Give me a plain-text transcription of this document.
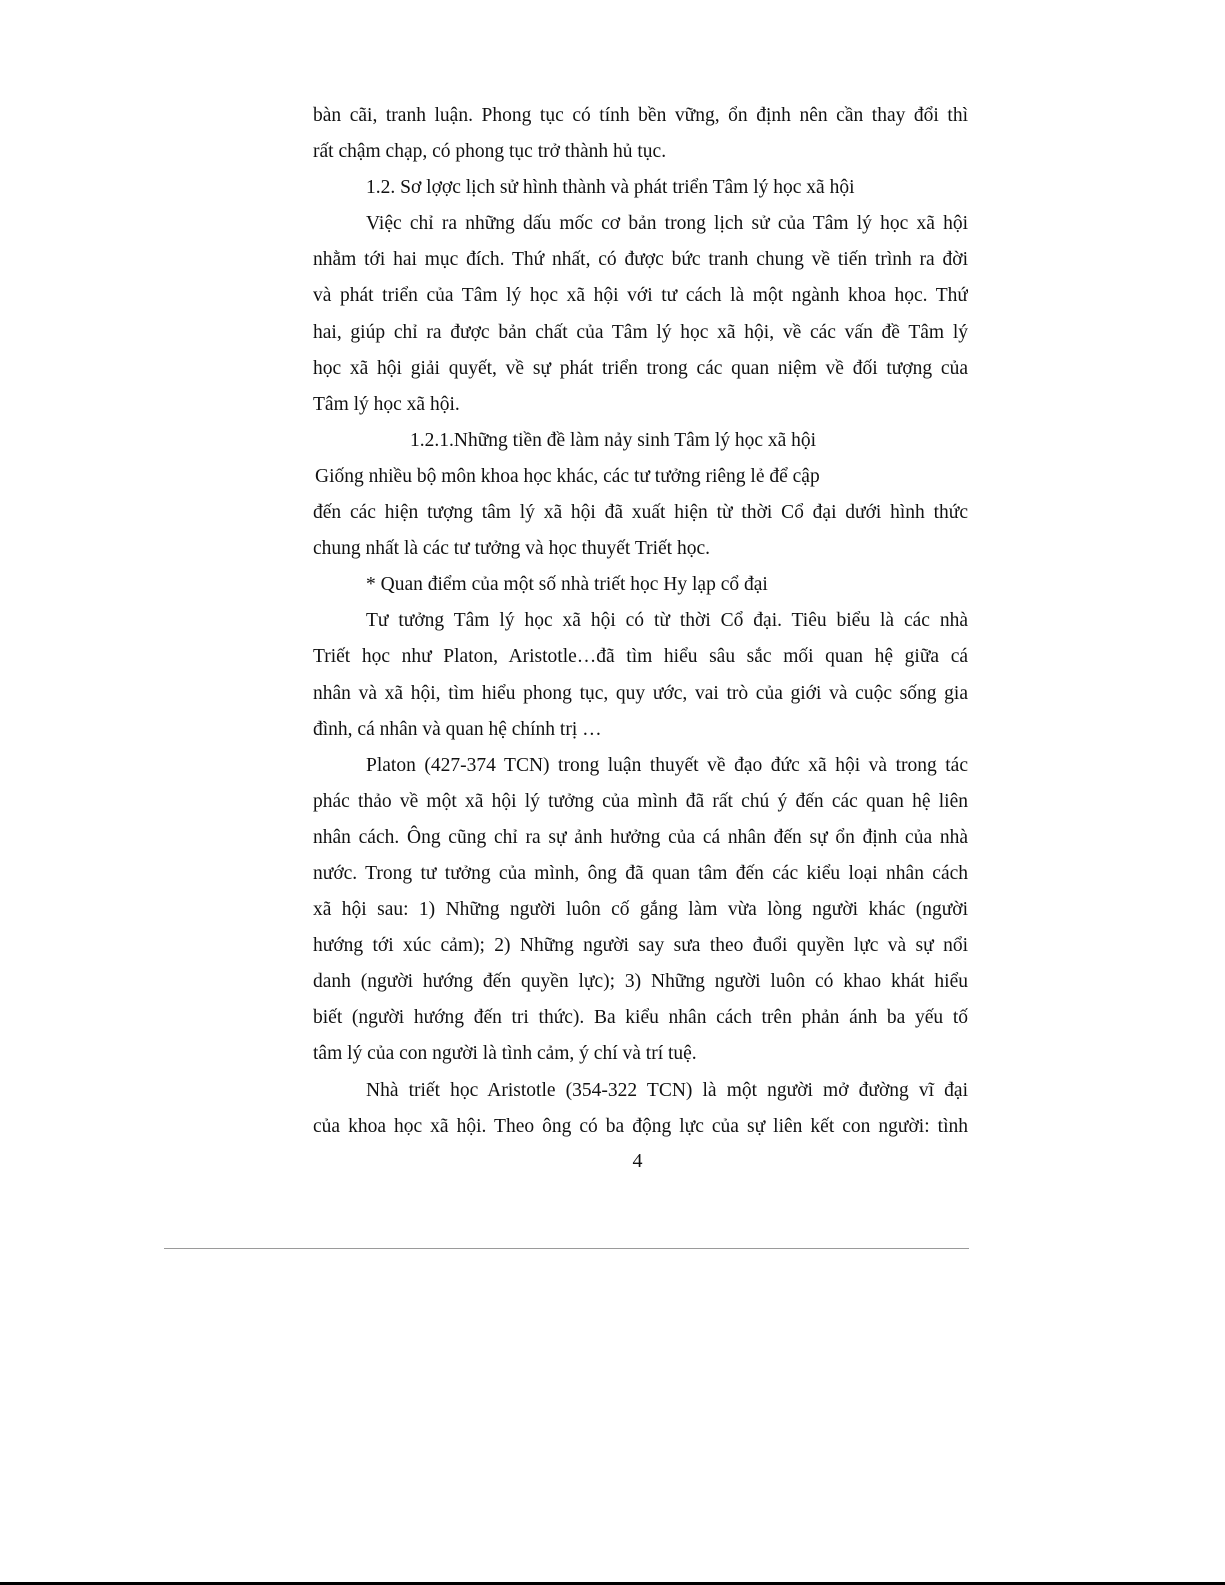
bàn cãi, tranh luận. Phong tục có tính bền vững, ổn định nên cần thay đổi thì
rất chậm chạp, có phong tục trở thành hủ tục.
1.2. Sơ lợợc lịch sử hình thành và phát triển Tâm lý học xã hội
Việc chỉ ra những dấu mốc cơ bản trong lịch sử của Tâm lý học xã hội
nhằm tới hai mục đích. Thứ nhất, có được bức tranh chung về tiến trình ra đời
và phát triển của Tâm lý học xã hội với tư cách là một ngành khoa học. Thứ
hai, giúp chỉ ra được bản chất của Tâm lý học xã hội, về các vấn đề Tâm lý
học xã hội giải quyết, về sự phát triển trong các quan niệm về đối tượng của
Tâm lý học xã hội.
1.2.1.Những tiền đề làm nảy sinh Tâm lý học xã hội
Giống nhiều bộ môn khoa học khác, các tư tưởng riêng lẻ để cập
đến các hiện tượng tâm lý xã hội đã xuất hiện từ thời Cổ đại dưới hình thức
chung nhất là các tư tưởng và học thuyết Triết học.
* Quan điểm của một số nhà triết học Hy lạp cổ đại
Tư tưởng Tâm lý học xã hội có từ thời Cổ đại. Tiêu biểu là các nhà
Triết học như Platon, Aristotle…đã tìm hiểu sâu sắc mối quan hệ giữa cá
nhân và xã hội, tìm hiểu phong tục, quy ước, vai trò của giới và cuộc sống gia
đình, cá nhân và quan hệ chính trị …
Platon (427-374 TCN) trong luận thuyết về đạo đức xã hội và trong tác
phác thảo về một xã hội lý tưởng của mình đã rất chú ý đến các quan hệ liên
nhân cách. Ông cũng chỉ ra sự ảnh hưởng của cá nhân đến sự ổn định của nhà
nước. Trong tư tưởng của mình, ông đã quan tâm đến các kiểu loại nhân cách
xã hội sau: 1) Những người luôn cố gắng làm vừa lòng người khác (người
hướng tới xúc cảm); 2) Những người say sưa theo đuổi quyền lực và sự nổi
danh (người hướng đến quyền lực); 3) Những người luôn có khao khát hiểu
biết (người hướng đến tri thức). Ba kiểu nhân cách trên phản ánh ba yếu tố
tâm lý của con người là tình cảm, ý chí và trí tuệ.
Nhà triết học Aristotle (354-322 TCN) là một người mở đường vĩ đại
của khoa học xã hội. Theo ông có ba động lực của sự liên kết con người: tình
4
